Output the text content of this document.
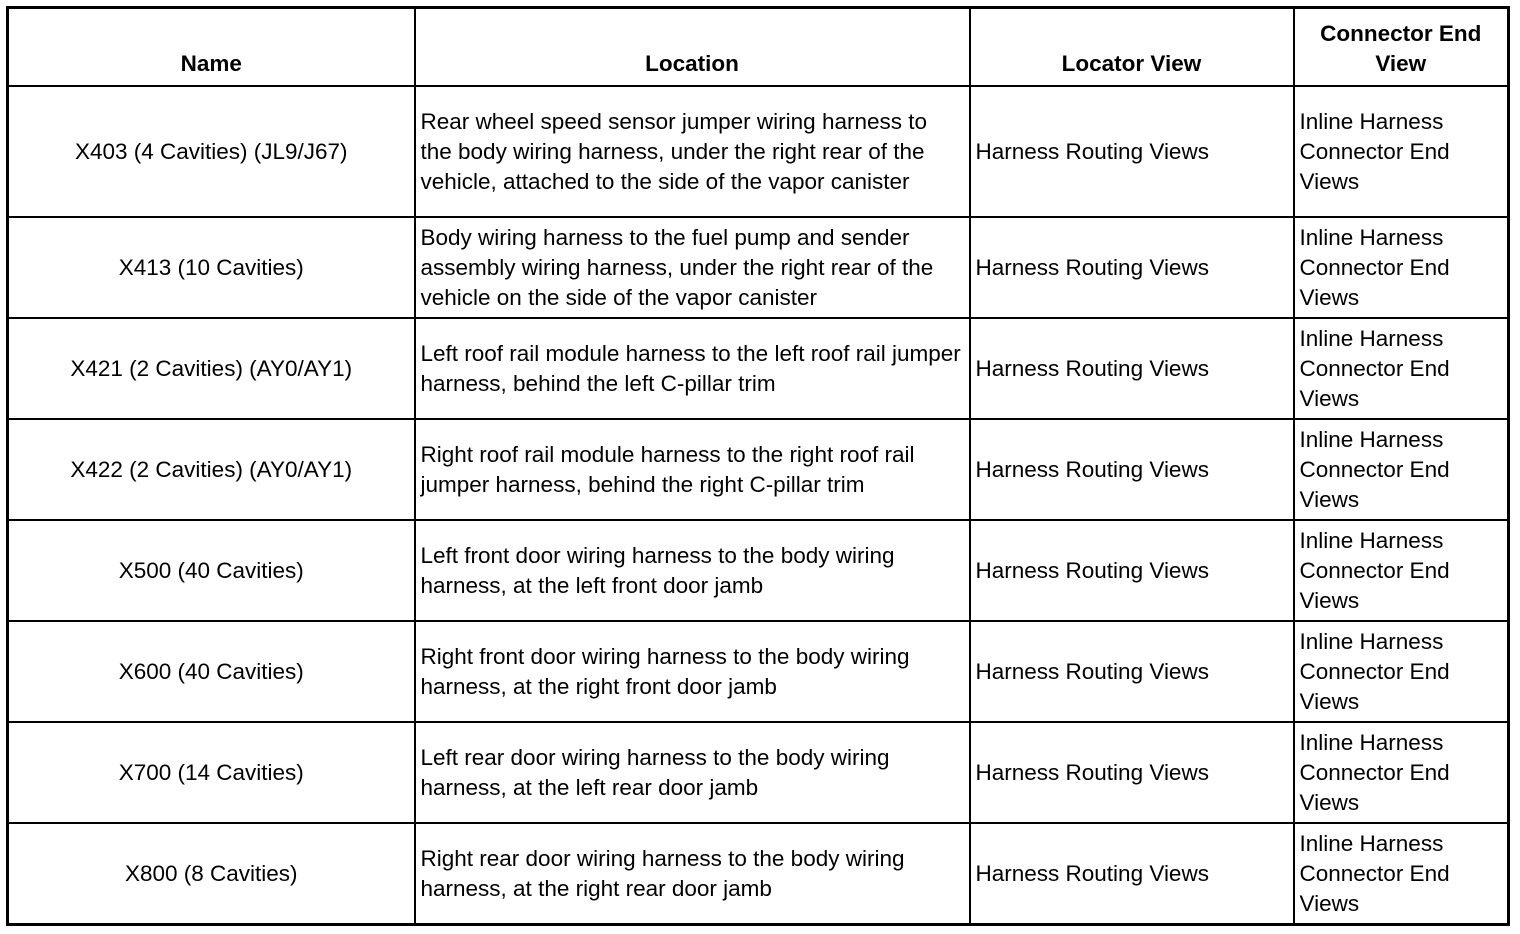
Name	Location	Locator View	Connector End View
X403 (4 Cavities) (JL9/J67)	Rear wheel speed sensor jumper wiring harness to the body wiring harness, under the right rear of the vehicle, attached to the side of the vapor canister	Harness Routing Views	Inline Harness Connector End Views
X413 (10 Cavities)	Body wiring harness to the fuel pump and sender assembly wiring harness, under the right rear of the vehicle on the side of the vapor canister	Harness Routing Views	Inline Harness Connector End Views
X421 (2 Cavities) (AY0/AY1)	Left roof rail module harness to the left roof rail jumper harness, behind the left C-pillar trim	Harness Routing Views	Inline Harness Connector End Views
X422 (2 Cavities) (AY0/AY1)	Right roof rail module harness to the right roof rail jumper harness, behind the right C-pillar trim	Harness Routing Views	Inline Harness Connector End Views
X500 (40 Cavities)	Left front door wiring harness to the body wiring harness, at the left front door jamb	Harness Routing Views	Inline Harness Connector End Views
X600 (40 Cavities)	Right front door wiring harness to the body wiring harness, at the right front door jamb	Harness Routing Views	Inline Harness Connector End Views
X700 (14 Cavities)	Left rear door wiring harness to the body wiring harness, at the left rear door jamb	Harness Routing Views	Inline Harness Connector End Views
X800 (8 Cavities)	Right rear door wiring harness to the body wiring harness, at the right rear door jamb	Harness Routing Views	Inline Harness Connector End Views
